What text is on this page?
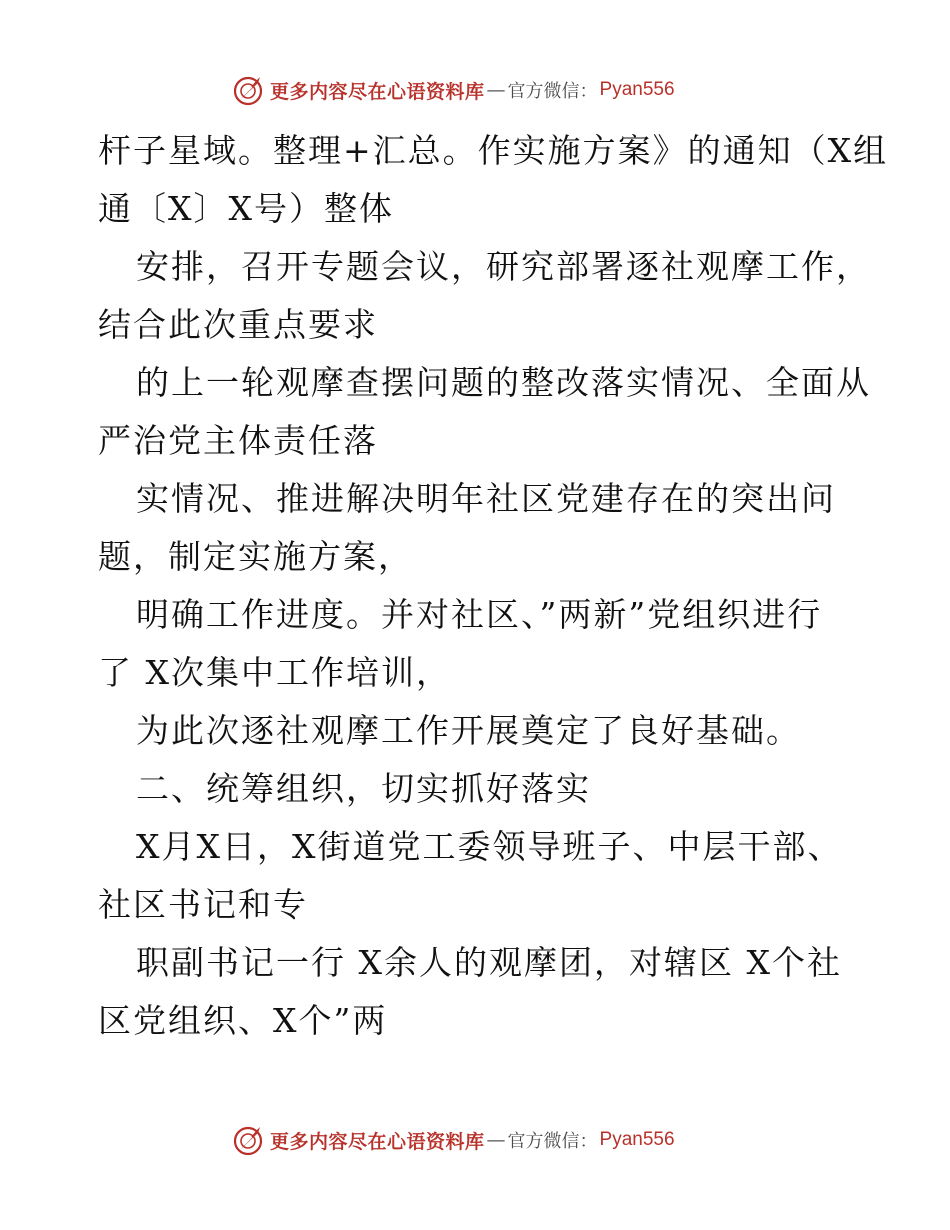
更多内容尽在心语资料库 — 官方微信： Pyan556
杆子星域。整理+汇总。作实施方案》的通知（X组
通〔X〕X号）整体
安排，召开专题会议，研究部署逐社观摩工作，
结合此次重点要求
的上一轮观摩查摆问题的整改落实情况、全面从
严治党主体责任落
实情况、推进解决明年社区党建存在的突出问
题，制定实施方案，
明确工作进度。并对社区、”两新”党组织进行
了 X次集中工作培训，
为此次逐社观摩工作开展奠定了良好基础。
二、统筹组织，切实抓好落实
X月X日，X街道党工委领导班子、中层干部、
社区书记和专
职副书记一行 X余人的观摩团，对辖区 X个社
区党组织、X个”两
更多内容尽在心语资料库 — 官方微信： Pyan556
